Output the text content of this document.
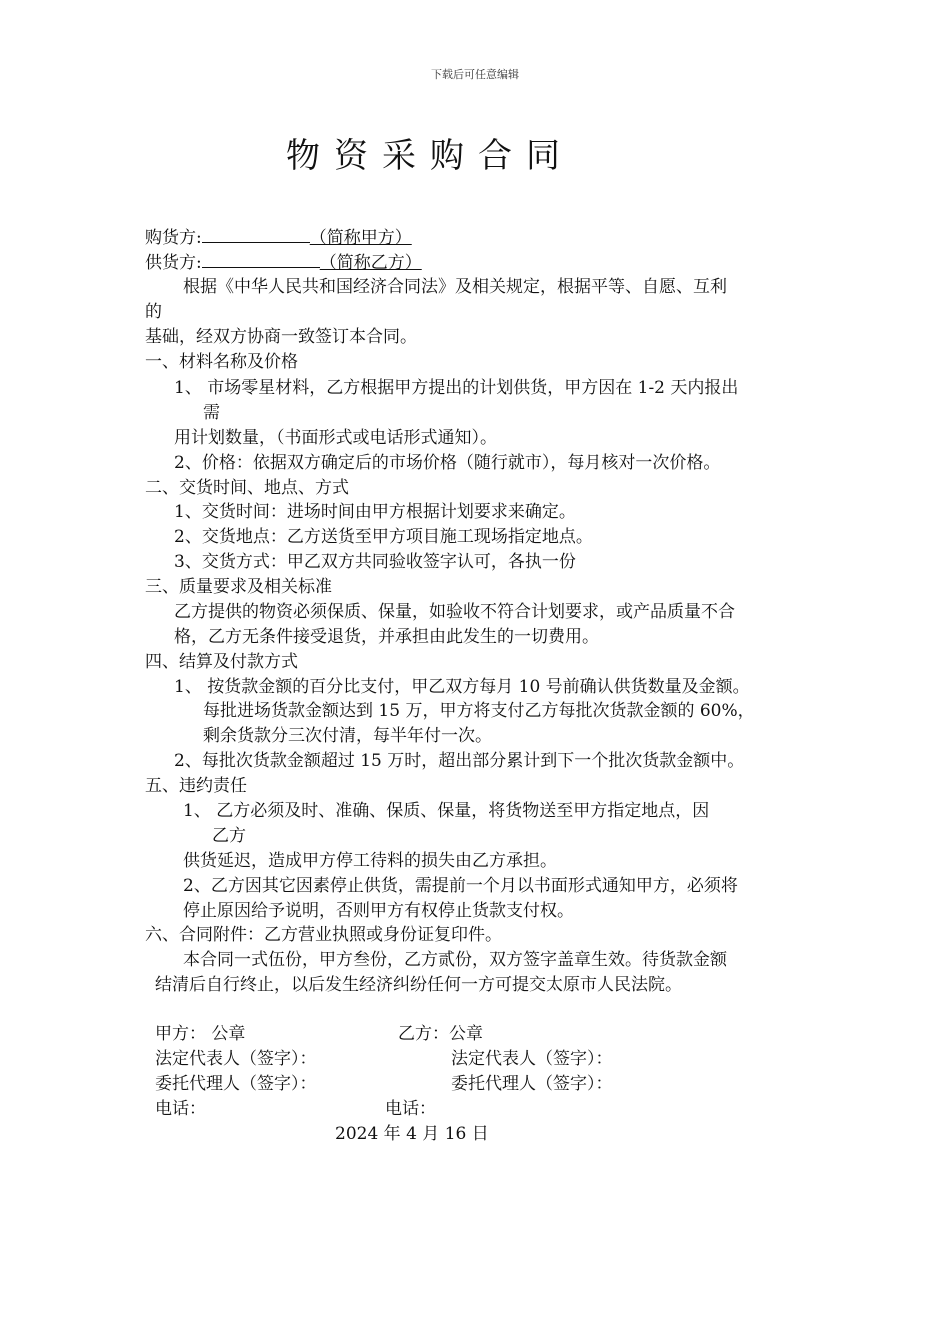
下载后可任意编辑
物资采购合同
购货方:	（简称甲方）
供货方:	（简称乙方）
根据《中华人民共和国经济合同法》及相关规定，根据平等、自愿、互利
的
基础，经双方协商一致签订本合同。
一、材料名称及价格
1、 市场零星材料，乙方根据甲方提出的计划供货，甲方因在 1-2 天内报出
需
用计划数量，（书面形式或电话形式通知）。
2、价格：依据双方确定后的市场价格（随行就市），每月核对一次价格。
二、交货时间、地点、方式
1、交货时间：进场时间由甲方根据计划要求来确定。
2、交货地点：乙方送货至甲方项目施工现场指定地点。
3、交货方式：甲乙双方共同验收签字认可，各执一份
三、质量要求及相关标准
乙方提供的物资必须保质、保量，如验收不符合计划要求，或产品质量不合
格，乙方无条件接受退货，并承担由此发生的一切费用。
四、结算及付款方式
1、 按货款金额的百分比支付，甲乙双方每月 10 号前确认供货数量及金额。
每批进场货款金额达到 15 万，甲方将支付乙方每批次货款金额的 60%，
剩余货款分三次付清，每半年付一次。
2、每批次货款金额超过 15 万时，超出部分累计到下一个批次货款金额中。
五、违约责任
1、 乙方必须及时、准确、保质、保量，将货物送至甲方指定地点，因
乙方
供货延迟，造成甲方停工待料的损失由乙方承担。
2、乙方因其它因素停止供货，需提前一个月以书面形式通知甲方，必须将
停止原因给予说明，否则甲方有权停止货款支付权。
六、合同附件：乙方营业执照或身份证复印件。
本合同一式伍份，甲方叁份，乙方贰份，双方签字盖章生效。待货款金额
结清后自行终止，以后发生经济纠纷任何一方可提交太原市人民法院。
甲方： 公章	乙方：公章
法定代表人（签字）：	法定代表人（签字）：
委托代理人（签字）：	委托代理人（签字）：
电话：	电话：
2024 年 4 月 16 日
